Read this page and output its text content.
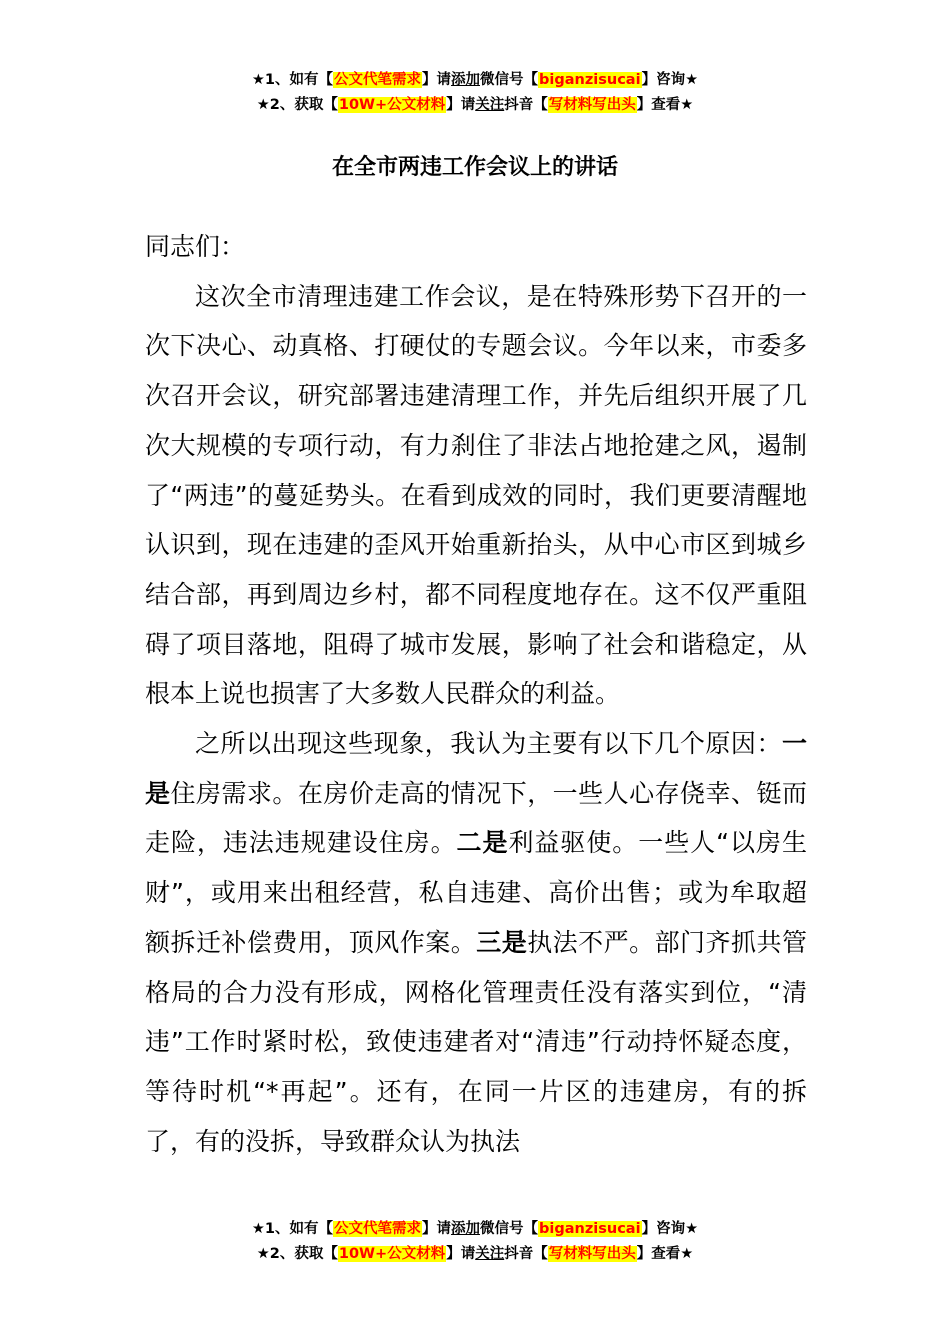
★1、如有【公文代笔需求】请添加微信号【biganzisucai】咨询★
★2、获取【10W+公文材料】请关注抖音【写材料写出头】查看★
在全市两违工作会议上的讲话

同志们：

这次全市清理违建工作会议，是在特殊形势下召开的一次下决心、动真格、打硬仗的专题会议。今年以来，市委多次召开会议，研究部署违建清理工作，并先后组织开展了几次大规模的专项行动，有力刹住了非法占地抢建之风，遏制了“两违”的蔓延势头。在看到成效的同时，我们更要清醒地认识到，现在违建的歪风开始重新抬头，从中心市区到城乡结合部，再到周边乡村，都不同程度地存在。这不仅严重阻碍了项目落地，阻碍了城市发展，影响了社会和谐稳定，从根本上说也损害了大多数人民群众的利益。

之所以出现这些现象，我认为主要有以下几个原因：一是住房需求。在房价走高的情况下，一些人心存侥幸、铤而走险，违法违规建设住房。二是利益驱使。一些人“以房生财”，或用来出租经营，私自违建、高价出售；或为牟取超额拆迁补偿费用，顶风作案。三是执法不严。部门齐抓共管格局的合力没有形成，网格化管理责任没有落实到位，“清违”工作时紧时松，致使违建者对“清违”行动持怀疑态度，等待时机“*再起”。还有，在同一片区的违建房，有的拆了，有的没拆，导致群众认为执法

★1、如有【公文代笔需求】请添加微信号【biganzisucai】咨询★
★2、获取【10W+公文材料】请关注抖音【写材料写出头】查看★
